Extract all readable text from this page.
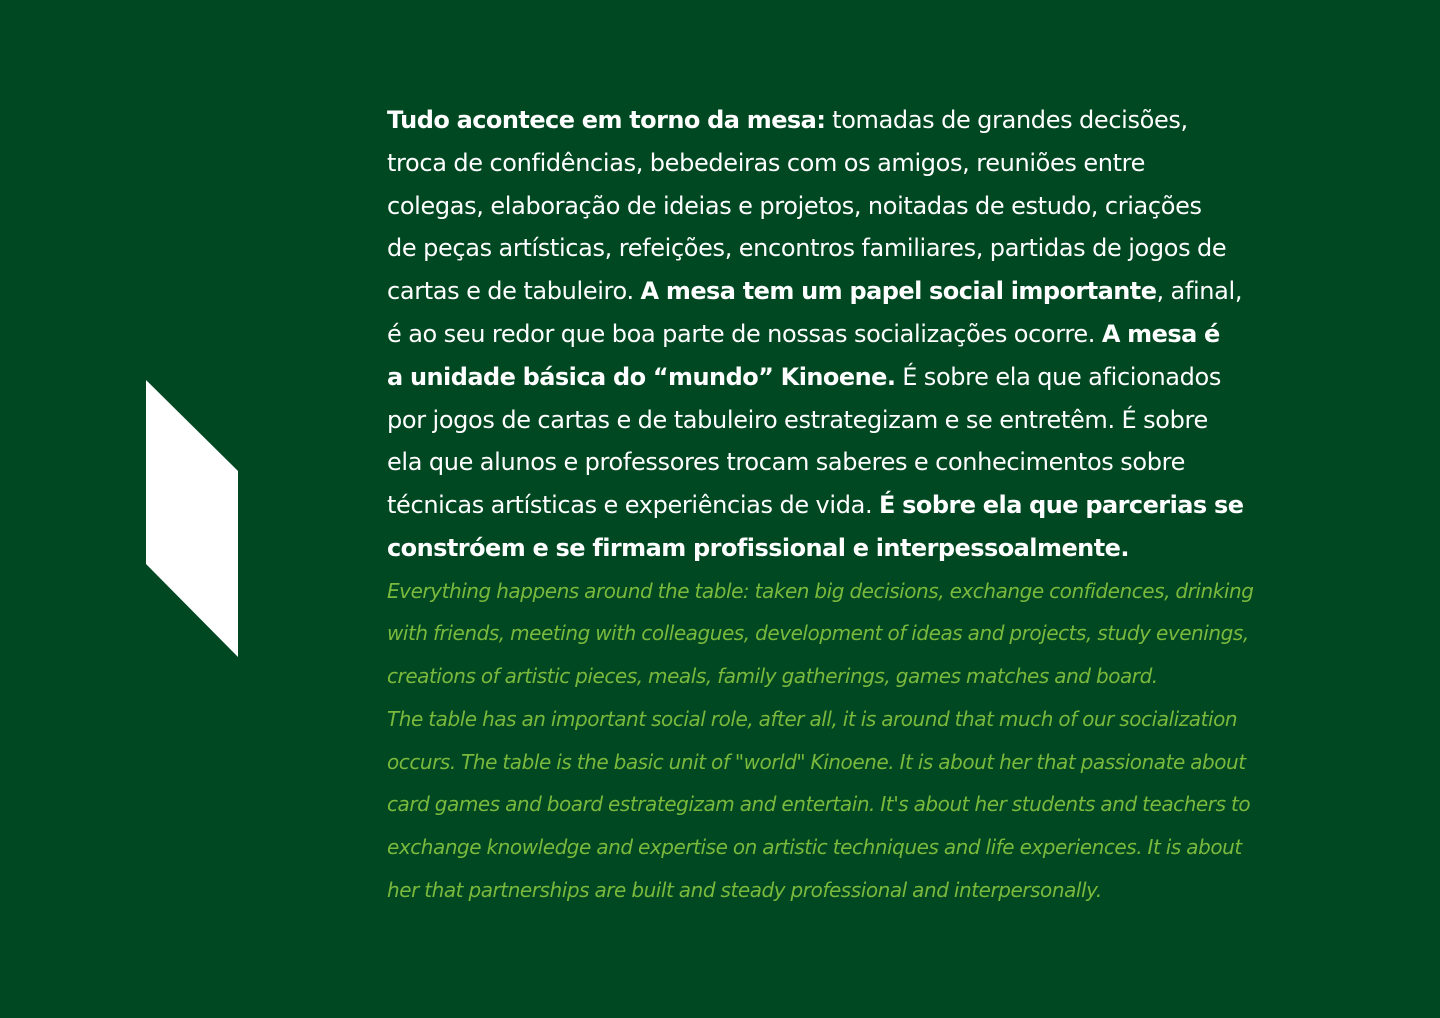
Tudo acontece em torno da mesa: tomadas de grandes decisões,
troca de confidências, bebedeiras com os amigos, reuniões entre
colegas, elaboração de ideias e projetos, noitadas de estudo, criações
de peças artísticas, refeições, encontros familiares, partidas de jogos de
cartas e de tabuleiro. A mesa tem um papel social importante, afinal,
é ao seu redor que boa parte de nossas socializações ocorre. A mesa é
a unidade básica do “mundo” Kinoene. É sobre ela que aficionados
por jogos de cartas e de tabuleiro estrategizam e se entretêm. É sobre
ela que alunos e professores trocam saberes e conhecimentos sobre
técnicas artísticas e experiências de vida. É sobre ela que parcerias se
constróem e se firmam profissional e interpessoalmente.

Everything happens around the table: taken big decisions, exchange confidences, drinking
with friends, meeting with colleagues, development of ideas and projects, study evenings,
creations of artistic pieces, meals, family gatherings, games matches and board.
The table has an important social role, after all, it is around that much of our socialization
occurs. The table is the basic unit of "world" Kinoene. It is about her that passionate about
card games and board estrategizam and entertain. It's about her students and teachers to
exchange knowledge and expertise on artistic techniques and life experiences. It is about
her that partnerships are built and steady professional and interpersonally.
